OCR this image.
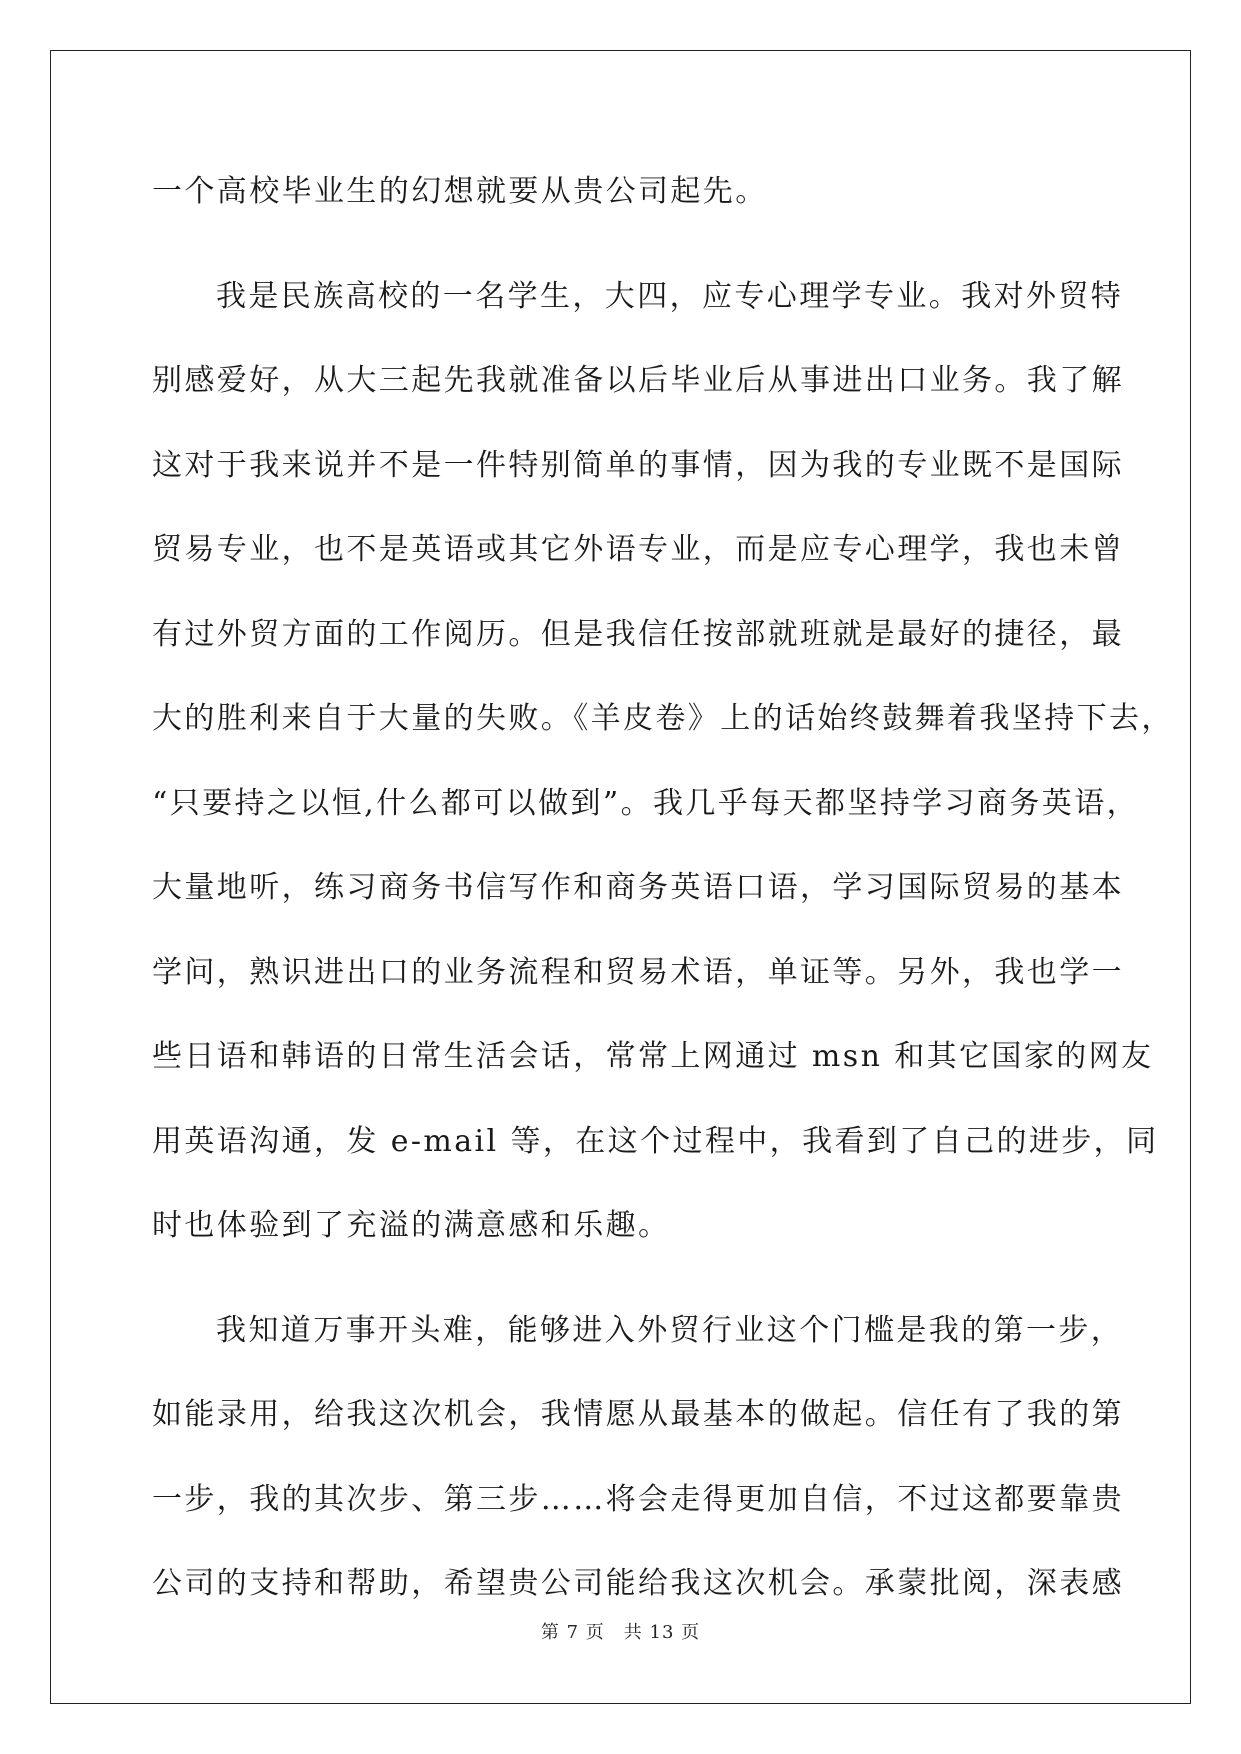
一个高校毕业生的幻想就要从贵公司起先。
我是民族高校的一名学生，大四，应专心理学专业。我对外贸特
别感爱好，从大三起先我就准备以后毕业后从事进出口业务。我了解
这对于我来说并不是一件特别简单的事情，因为我的专业既不是国际
贸易专业，也不是英语或其它外语专业，而是应专心理学，我也未曾
有过外贸方面的工作阅历。但是我信任按部就班就是最好的捷径，最
大的胜利来自于大量的失败。《羊皮卷》上的话始终鼓舞着我坚持下去，
“只要持之以恒,什么都可以做到”。我几乎每天都坚持学习商务英语，
大量地听，练习商务书信写作和商务英语口语，学习国际贸易的基本
学问，熟识进出口的业务流程和贸易术语，单证等。另外，我也学一
些日语和韩语的日常生活会话，常常上网通过 msn 和其它国家的网友
用英语沟通，发 e-mail 等，在这个过程中，我看到了自己的进步，同
时也体验到了充溢的满意感和乐趣。
我知道万事开头难，能够进入外贸行业这个门槛是我的第一步，
如能录用，给我这次机会，我情愿从最基本的做起。信任有了我的第
一步，我的其次步、第三步……将会走得更加自信，不过这都要靠贵
公司的支持和帮助，希望贵公司能给我这次机会。承蒙批阅，深表感
第 7 页　共 13 页
